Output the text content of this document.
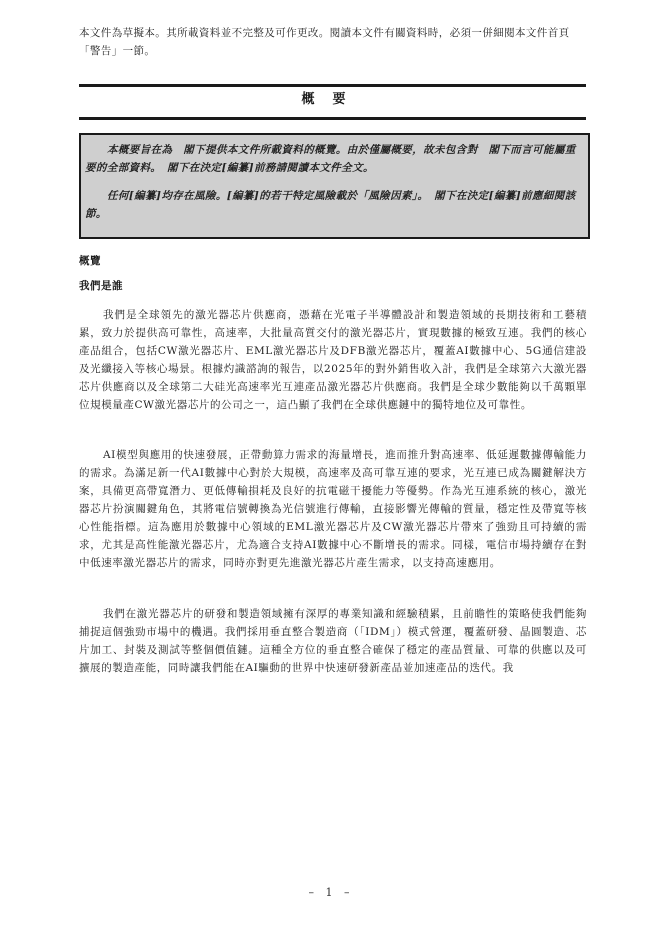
本文件為草擬本。其所載資料並不完整及可作更改。閱讀本文件有關資料時，必須一併細閱本文件首頁「警告」一節。
概要

本概要旨在為　閣下提供本文件所載資料的概覽。由於僅屬概要，故未包含對　閣下而言可能屬重要的全部資料。　閣下在決定[編纂]前務請閱讀本文件全文。

任何[編纂]均存在風險。[編纂]的若干特定風險載於「風險因素」。　閣下在決定[編纂]前應細閱該節。

概覽
我們是誰

我們是全球領先的激光器芯片供應商，憑藉在光電子半導體設計和製造領域的長期技術和工藝積累，致力於提供高可靠性，高速率，大批量高質交付的激光器芯片，實現數據的極致互連。我們的核心產品組合，包括CW激光器芯片、EML激光器芯片及DFB激光器芯片，覆蓋AI數據中心、5G通信建設及光纖接入等核心場景。根據灼識諮詢的報告，以2025年的對外銷售收入計，我們是全球第六大激光器芯片供應商以及全球第二大硅光高速率光互連產品激光器芯片供應商。我們是全球少數能夠以千萬顆單位規模量產CW激光器芯片的公司之一，這凸顯了我們在全球供應鏈中的獨特地位及可靠性。

AI模型與應用的快速發展，正帶動算力需求的海量增長，進而推升對高速率、低延遲數據傳輸能力的需求。為滿足新一代AI數據中心對於大規模，高速率及高可靠互連的要求，光互連已成為關鍵解決方案，具備更高帶寬潛力、更低傳輸損耗及良好的抗電磁干擾能力等優勢。作為光互連系統的核心，激光器芯片扮演關鍵角色，其將電信號轉換為光信號進行傳輸，直接影響光傳輸的質量，穩定性及帶寬等核心性能指標。這為應用於數據中心領域的EML激光器芯片及CW激光器芯片帶來了強勁且可持續的需求，尤其是高性能激光器芯片，尤為適合支持AI數據中心不斷增長的需求。同樣，電信市場持續存在對中低速率激光器芯片的需求，同時亦對更先進激光器芯片產生需求，以支持高速應用。

我們在激光器芯片的研發和製造領域擁有深厚的專業知識和經驗積累，且前瞻性的策略使我們能夠捕捉這個強勁市場中的機遇。我們採用垂直整合製造商（「IDM」）模式營運，覆蓋研發、晶圓製造、芯片加工、封裝及測試等整個價值鏈。這種全方位的垂直整合確保了穩定的產品質量、可靠的供應以及可擴展的製造產能，同時讓我們能在AI驅動的世界中快速研發新產品並加速產品的迭代。我

– 1 –
